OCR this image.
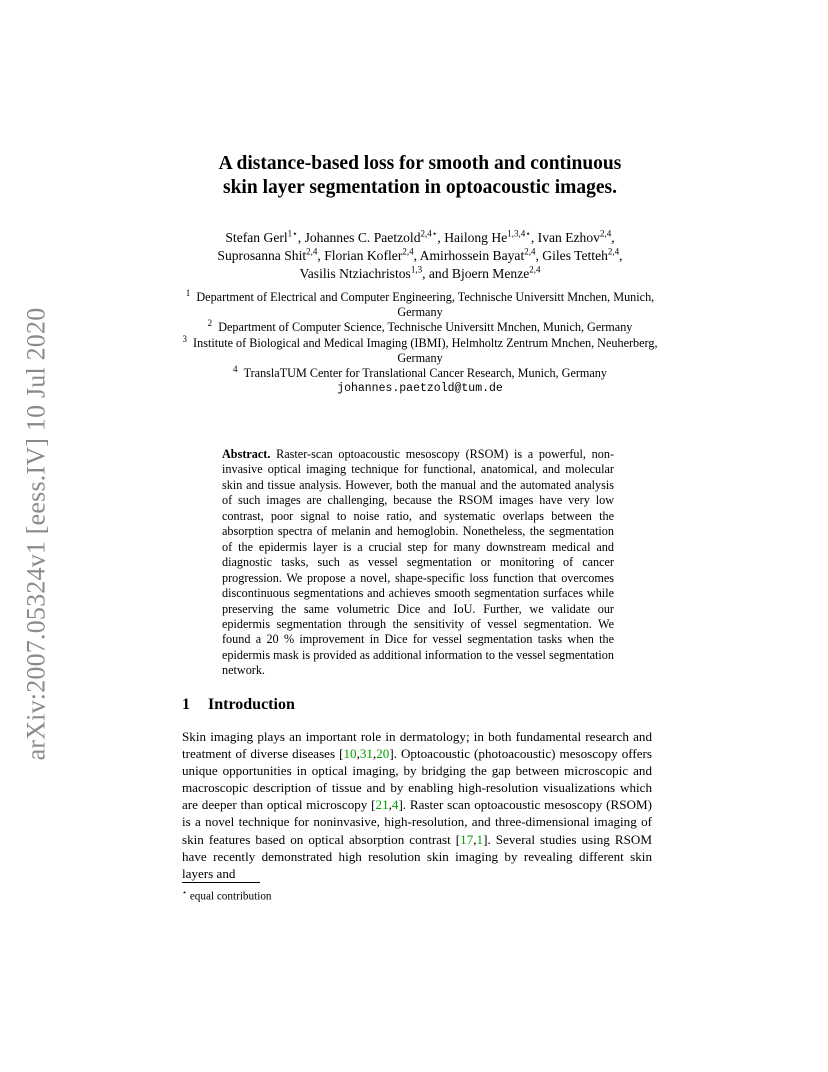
arXiv:2007.05324v1 [eess.IV] 10 Jul 2020
A distance-based loss for smooth and continuous
skin layer segmentation in optoacoustic images.
Stefan Gerl$^{1⋆}$, Johannes C. Paetzold$^{2,4⋆}$, Hailong $He^{1,3,4⋆}$, Ivan Ezhov$^{2,4}$,
Suprosanna Shit$^{2,4}$, Florian Kofler$^{2,4}$, Amirhossein Bayat$^{2,4}$, Giles Tetteh$^{2,4}$,
Vasilis Ntziachristos$^{1,3}$, and Bjoern Menze$^{2,4}$

$^1$ Department of Electrical and Computer Engineering, Technische Universitt Mnchen, Munich, Germany

$^2$ Department of Computer Science, Technische Universitt Mnchen, Munich, Germany

$^3$ Institute of Biological and Medical Imaging (IBMI), Helmholtz Zentrum Mnchen, Neuherberg, Germany

$^4$ TranslaTUM Center for Translational Cancer Research, Munich, Germany

johannes.paetzold@tum.de

Abstract. Raster-scan optoacoustic mesoscopy (RSOM) is a powerful, non-invasive optical imaging technique for functional, anatomical, and molecular skin and tissue analysis. However, both the manual and the automated analysis of such images are challenging, because the RSOM images have very low contrast, poor signal to noise ratio, and systematic overlaps between the absorption spectra of melanin and hemoglobin. Nonetheless, the segmentation of the epidermis layer is a crucial step for many downstream medical and diagnostic tasks, such as vessel segmentation or monitoring of cancer progression. We propose a novel, shape-specific loss function that overcomes discontinuous segmentations and achieves smooth segmentation surfaces while preserving the same volumetric Dice and IoU. Further, we validate our epidermis segmentation through the sensitivity of vessel segmentation. We found a 20 % improvement in Dice for vessel segmentation tasks when the epidermis mask is provided as additional information to the vessel segmentation network.
1 Introduction
Skin imaging plays an important role in dermatology; in both fundamental research and treatment of diverse diseases [10,31,20]. Optoacoustic (photoacoustic) mesoscopy offers unique opportunities in optical imaging, by bridging the gap between microscopic and macroscopic description of tissue and by enabling high-resolution visualizations which are deeper than optical microscopy [21,4]. Raster scan optoacoustic mesoscopy (RSOM) is a novel technique for noninvasive, high-resolution, and three-dimensional imaging of skin features based on optical absorption contrast [17,1]. Several studies using RSOM have recently demonstrated high resolution skin imaging by revealing different skin layers and
⋆ equal contribution
